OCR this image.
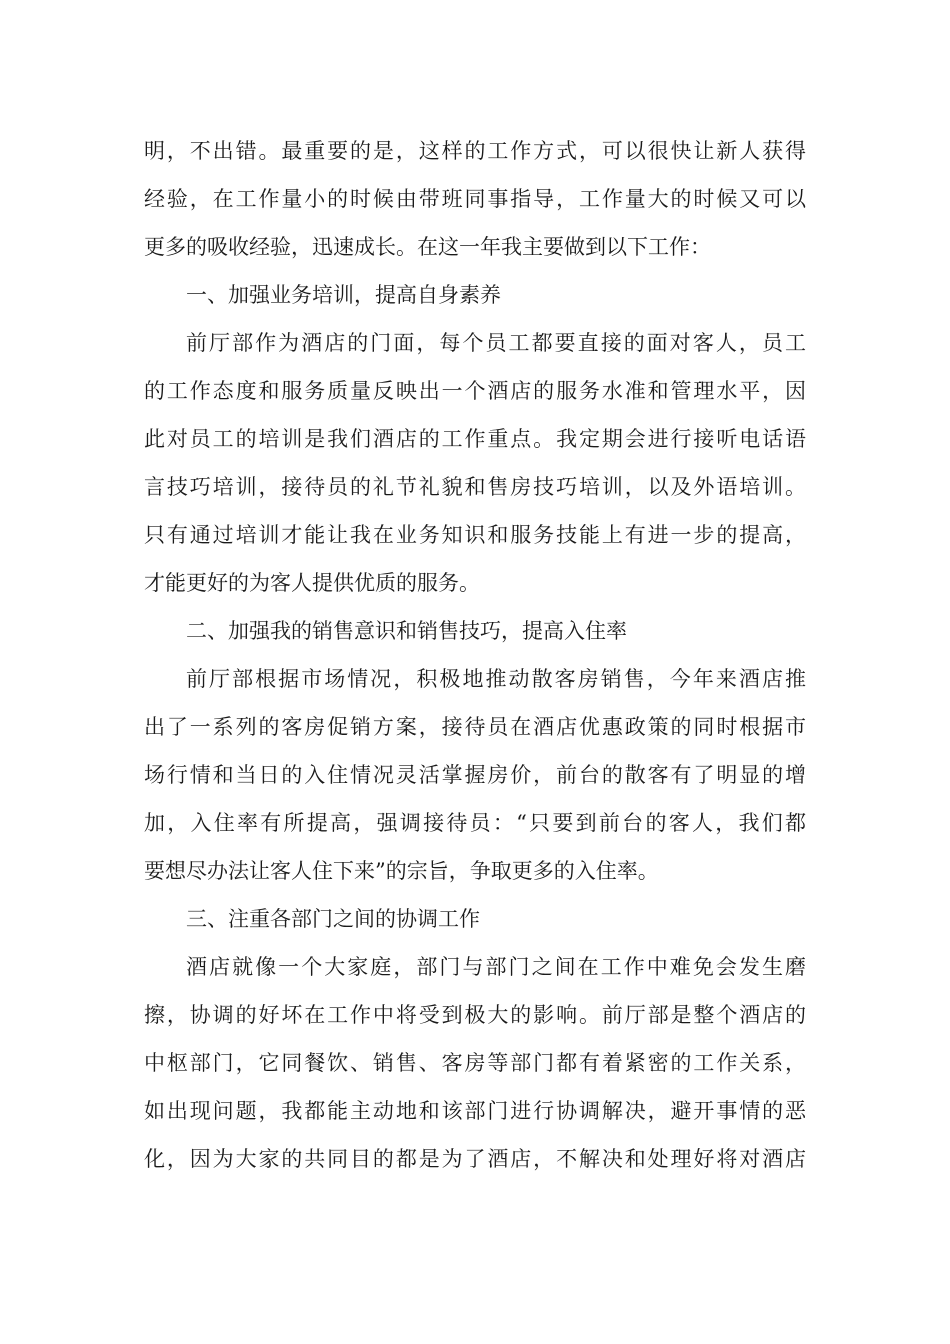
明，不出错。最重要的是，这样的工作方式，可以很快让新人获得
经验，在工作量小的时候由带班同事指导，工作量大的时候又可以
更多的吸收经验，迅速成长。在这一年我主要做到以下工作：
一、加强业务培训，提高自身素养
前厅部作为酒店的门面，每个员工都要直接的面对客人，员工
的工作态度和服务质量反映出一个酒店的服务水准和管理水平，因
此对员工的培训是我们酒店的工作重点。我定期会进行接听电话语
言技巧培训，接待员的礼节礼貌和售房技巧培训，以及外语培训。
只有通过培训才能让我在业务知识和服务技能上有进一步的提高，
才能更好的为客人提供优质的服务。
二、加强我的销售意识和销售技巧，提高入住率
前厅部根据市场情况，积极地推动散客房销售，今年来酒店推
出了一系列的客房促销方案，接待员在酒店优惠政策的同时根据市
场行情和当日的入住情况灵活掌握房价，前台的散客有了明显的增
加，入住率有所提高，强调接待员：“只要到前台的客人，我们都
要想尽办法让客人住下来”的宗旨，争取更多的入住率。
三、注重各部门之间的协调工作
酒店就像一个大家庭，部门与部门之间在工作中难免会发生磨
擦，协调的好坏在工作中将受到极大的影响。前厅部是整个酒店的
中枢部门，它同餐饮、销售、客房等部门都有着紧密的工作关系，
如出现问题，我都能主动地和该部门进行协调解决，避开事情的恶
化，因为大家的共同目的都是为了酒店，不解决和处理好将对酒店
